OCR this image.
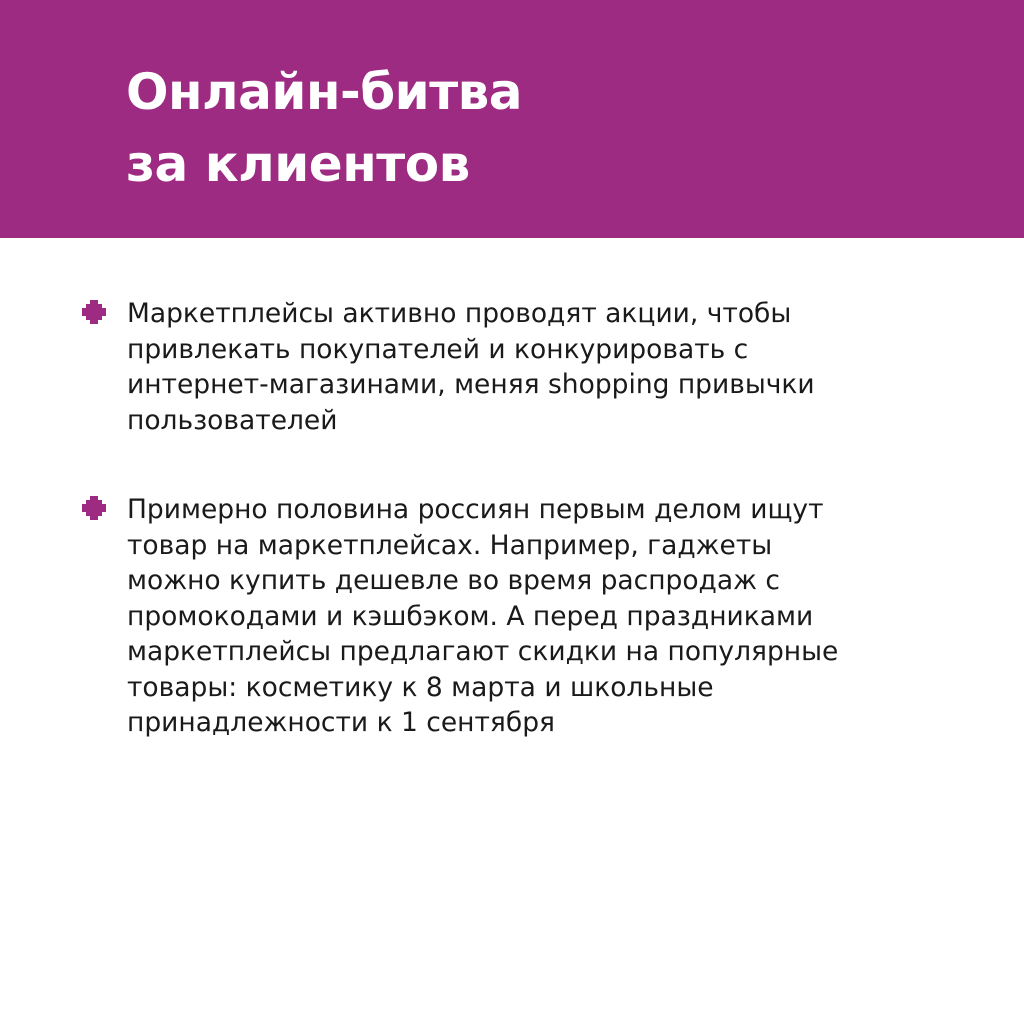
Онлайн-битва
за клиентов

Маркетплейсы активно проводят акции, чтобы
привлекать покупателей и конкурировать с
интернет-магазинами, меняя shopping привычки
пользователей

Примерно половина россиян первым делом ищут
товар на маркетплейсах. Например, гаджеты
можно купить дешевле во время распродаж с
промокодами и кэшбэком. А перед праздниками
маркетплейсы предлагают скидки на популярные
товары: косметику к 8 марта и школьные
принадлежности к 1 сентября
